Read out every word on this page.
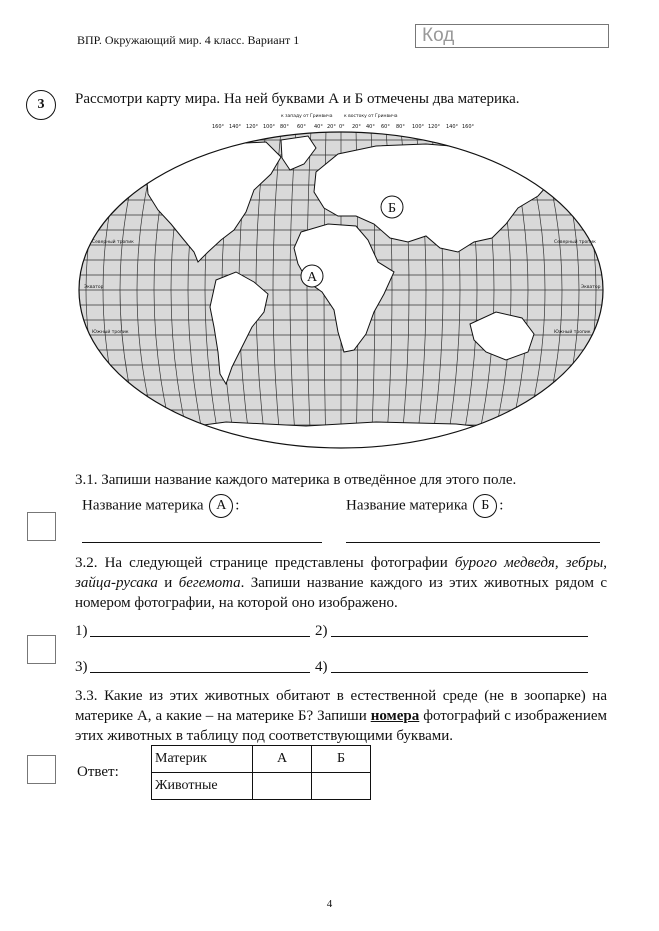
ВПР. Окружающий мир. 4 класс. Вариант 1	Код
3	Рассмотри карту мира. На ней буквами А и Б отмечены два материка.
160° 140° 120° 100° 80° 60° 40° 20° 0° 20° 40° 60° 80° 100° 120° 140° 160°
к западу от Гринвича	к востоку от Гринвича
Экватор	Экватор
Северный тропик	Северный тропик
Южный тропик	Южный тропик
А
Б
3.1. Запиши название каждого материка в отведённое для этого поле.
Название материка А :	Название материка Б :
3.2. На следующей странице представлены фотографии бурого медведя, зебры, зайца-русака и бегемота. Запиши название каждого из этих животных рядом с номером фотографии, на которой оно изображено.
1)	2)
3)	4)
3.3. Какие из этих животных обитают в естественной среде (не в зоопарке) на материке А, а какие – на материке Б? Запиши номера фотографий с изображением этих животных в таблицу под соответствующими буквами.
Ответ:
Материк	А	Б
Животные		
4
